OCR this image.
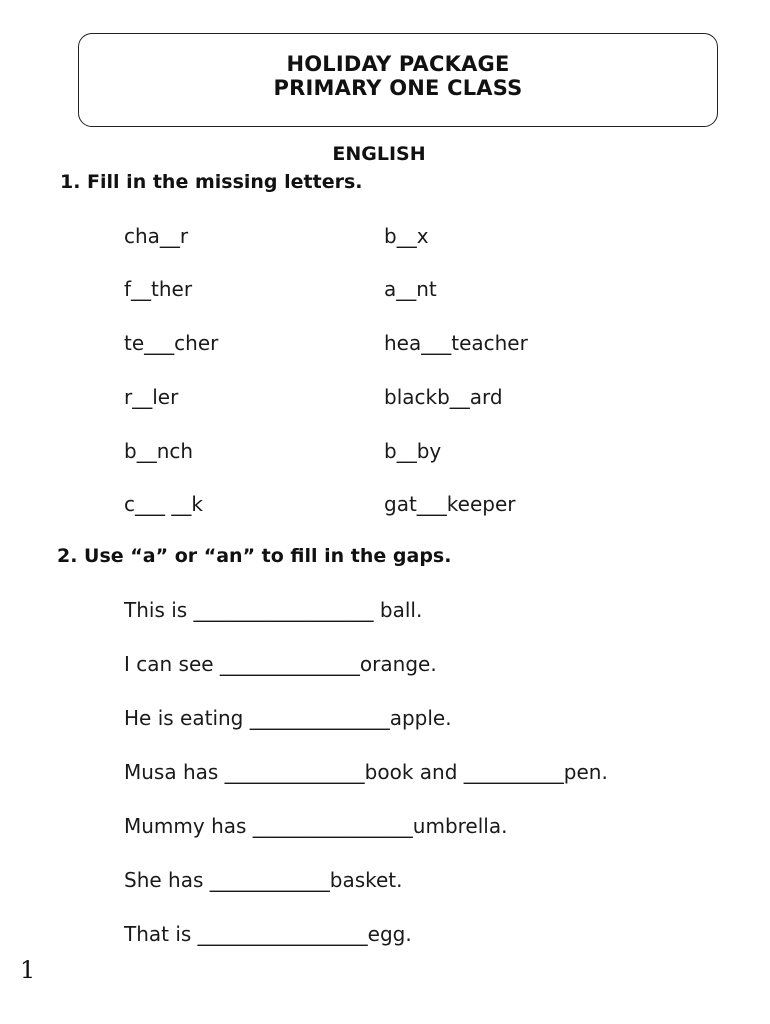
HOLIDAY PACKAGE
PRIMARY ONE CLASS
ENGLISH
1. Fill in the missing letters.
cha__r
f__ther
te___cher
r__ler
b__nch
c___ __k
b__x
a__nt
hea___teacher
blackb__ard
b__by
gat___keeper
2. Use “a” or “an” to fill in the gaps.
This is __________________ ball.
I can see ______________orange.
He is eating ______________apple.
Musa has ______________book and __________pen.
Mummy has ________________umbrella.
She has ____________basket.
That is _________________egg.
1
